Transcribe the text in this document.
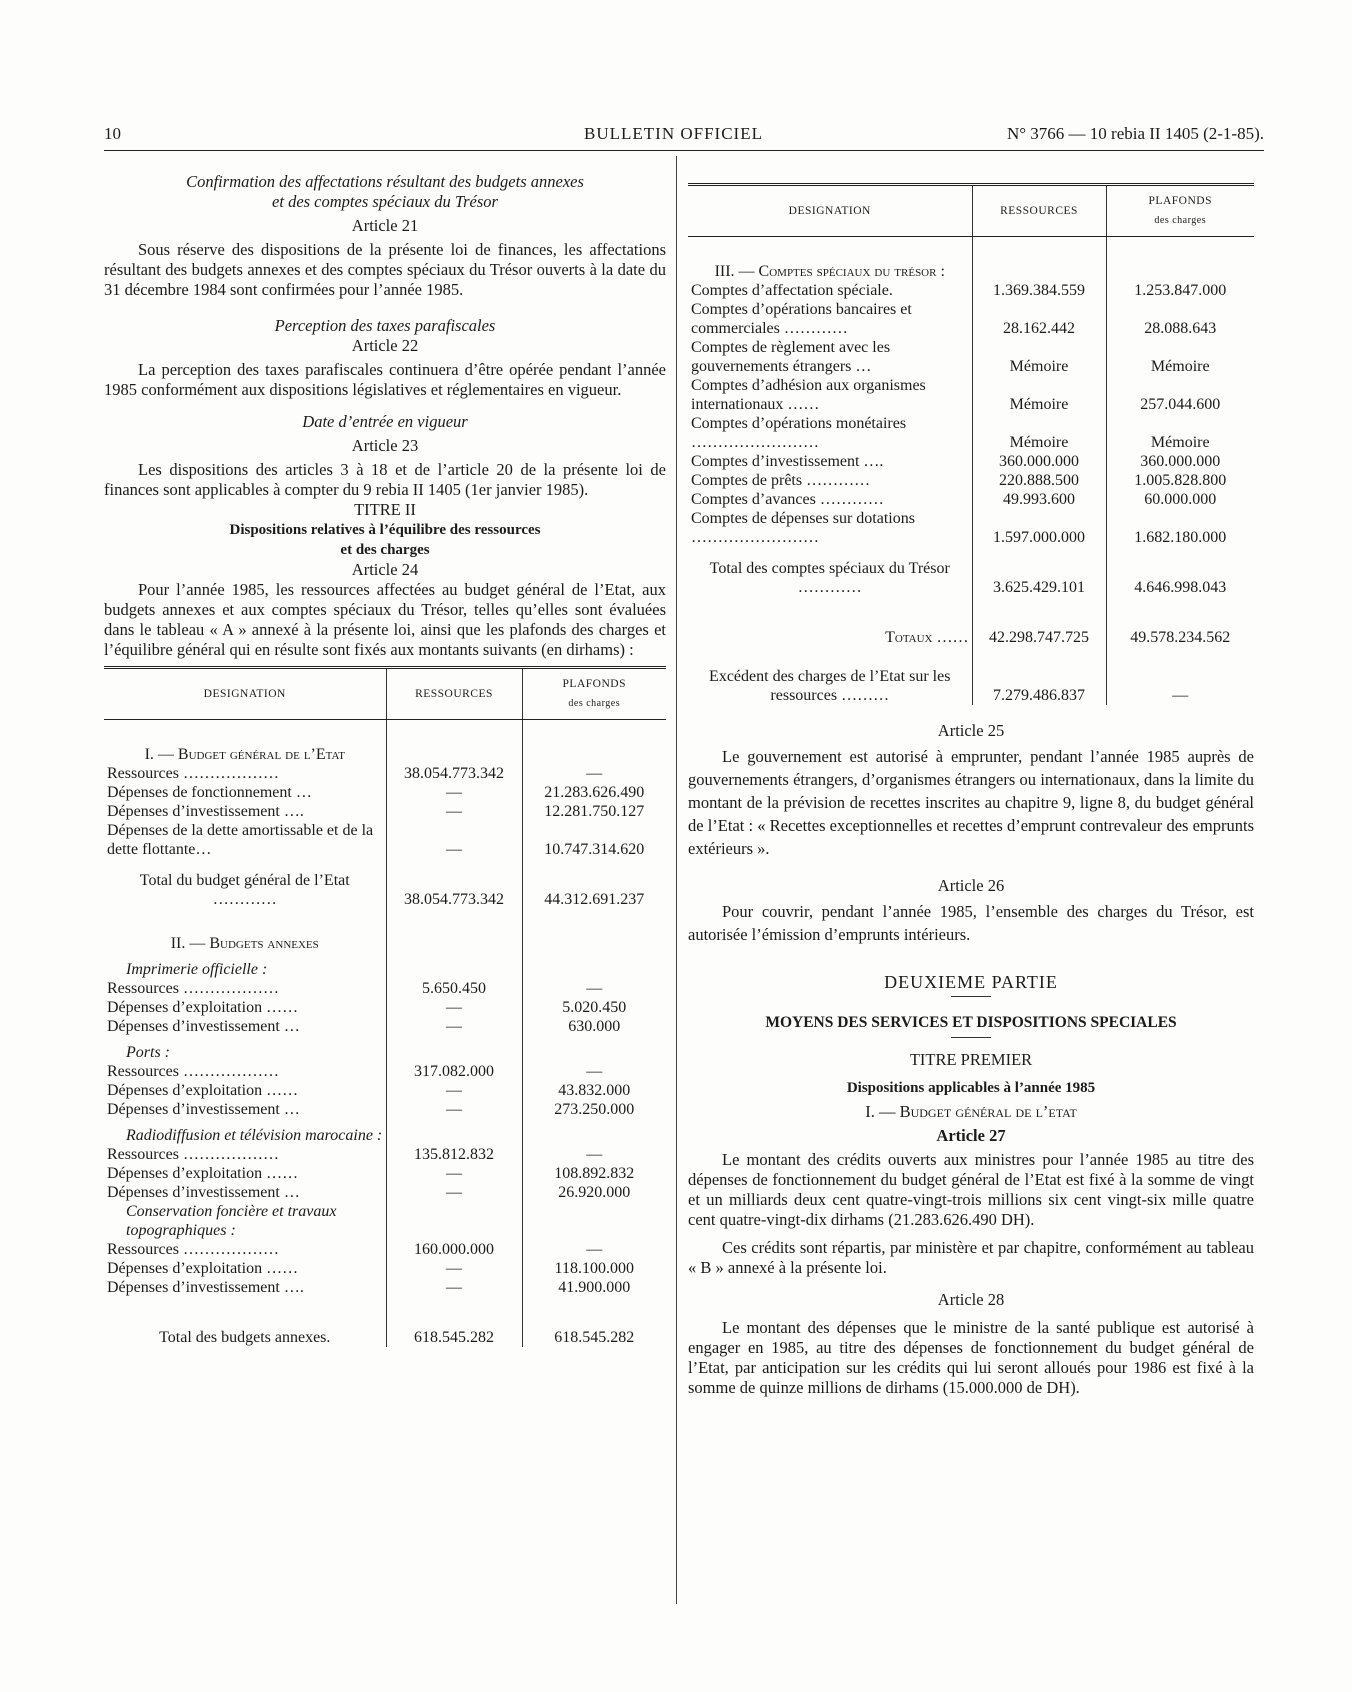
10	BULLETIN OFFICIEL	N° 3766 — 10 rebia II 1405 (2-1-85).
Confirmation des affectations résultant des budgets annexes
et des comptes spéciaux du Trésor
Article 21
Sous réserve des dispositions de la présente loi de finances, les affectations résultant des budgets annexes et des comptes spéciaux du Trésor ouverts à la date du 31 décembre 1984 sont confirmées pour l’année 1985.
Perception des taxes parafiscales
Article 22
La perception des taxes parafiscales continuera d’être opérée pendant l’année 1985 conformément aux dispositions législatives et réglementaires en vigueur.
Date d’entrée en vigueur
Article 23
Les dispositions des articles 3 à 18 et de l’article 20 de la présente loi de finances sont applicables à compter du 9 rebia II 1405 (1er janvier 1985).
TITRE II
Dispositions relatives à l’équilibre des ressources
et des charges
Article 24
Pour l’année 1985, les ressources affectées au budget général de l’Etat, aux budgets annexes et aux comptes spéciaux du Trésor, telles qu’elles sont évaluées dans le tableau « A » annexé à la présente loi, ainsi que les plafonds des charges et l’équilibre général qui en résulte sont fixés aux montants suivants (en dirhams) :
DESIGNATION	RESSOURCES	PLAFONDS
des charges
I. — Budget général de l’Etat		
Ressources ………………	38.054.773.342	—
Dépenses de fonctionnement …	—	21.283.626.490
Dépenses d’investissement ….	—	12.281.750.127
Dépenses de la dette amortissable et de la dette flottante…	—	10.747.314.620
Total du budget général de l’Etat …………	38.054.773.342	44.312.691.237
II. — Budgets annexes		
Imprimerie officielle :		
Ressources ………………	5.650.450	—
Dépenses d’exploitation ……	—	5.020.450
Dépenses d’investissement …	—	630.000
Ports :		
Ressources ………………	317.082.000	—
Dépenses d’exploitation ……	—	43.832.000
Dépenses d’investissement …	—	273.250.000
Radiodiffusion et télévision marocaine :		
Ressources ………………	135.812.832	—
Dépenses d’exploitation ……	—	108.892.832
Dépenses d’investissement …	—	26.920.000
Conservation foncière et travaux topographiques :		
Ressources ………………	160.000.000	—
Dépenses d’exploitation ……	—	118.100.000
Dépenses d’investissement ….	—	41.900.000
Total des budgets annexes.	618.545.282	618.545.282
DESIGNATION	RESSOURCES	PLAFONDS
des charges
III. — Comptes spéciaux du trésor :		
Comptes d’affectation spéciale.	1.369.384.559	1.253.847.000
Comptes d’opérations bancaires et commerciales …………	28.162.442	28.088.643
Comptes de règlement avec les gouvernements étrangers …	Mémoire	Mémoire
Comptes d’adhésion aux organismes internationaux ……	Mémoire	257.044.600
Comptes d’opérations monétaires ……………………	Mémoire	Mémoire
Comptes d’investissement ….	360.000.000	360.000.000
Comptes de prêts …………	220.888.500	1.005.828.800
Comptes d’avances …………	49.993.600	60.000.000
Comptes de dépenses sur dotations ……………………	1.597.000.000	1.682.180.000
Total des comptes spéciaux du Trésor …………	3.625.429.101	4.646.998.043
Totaux ……	42.298.747.725	49.578.234.562
Excédent des charges de l’Etat sur les ressources ………	7.279.486.837	—
Article 25
Le gouvernement est autorisé à emprunter, pendant l’année 1985 auprès de gouvernements étrangers, d’organismes étrangers ou internationaux, dans la limite du montant de la prévision de recettes inscrites au chapitre 9, ligne 8, du budget général de l’Etat : « Recettes exceptionnelles et recettes d’emprunt contrevaleur des emprunts extérieurs ».
Article 26
Pour couvrir, pendant l’année 1985, l’ensemble des charges du Trésor, est autorisée l’émission d’emprunts intérieurs.
DEUXIEME PARTIE
MOYENS DES SERVICES ET DISPOSITIONS SPECIALES
TITRE PREMIER
Dispositions applicables à l’année 1985
I. — Budget général de l’etat
Article 27
Le montant des crédits ouverts aux ministres pour l’année 1985 au titre des dépenses de fonctionnement du budget général de l’Etat est fixé à la somme de vingt et un milliards deux cent quatre-vingt-trois millions six cent vingt-six mille quatre cent quatre-vingt-dix dirhams (21.283.626.490 DH).
Ces crédits sont répartis, par ministère et par chapitre, conformément au tableau « B » annexé à la présente loi.
Article 28
Le montant des dépenses que le ministre de la santé publique est autorisé à engager en 1985, au titre des dépenses de fonctionnement du budget général de l’Etat, par anticipation sur les crédits qui lui seront alloués pour 1986 est fixé à la somme de quinze millions de dirhams (15.000.000 de DH).
